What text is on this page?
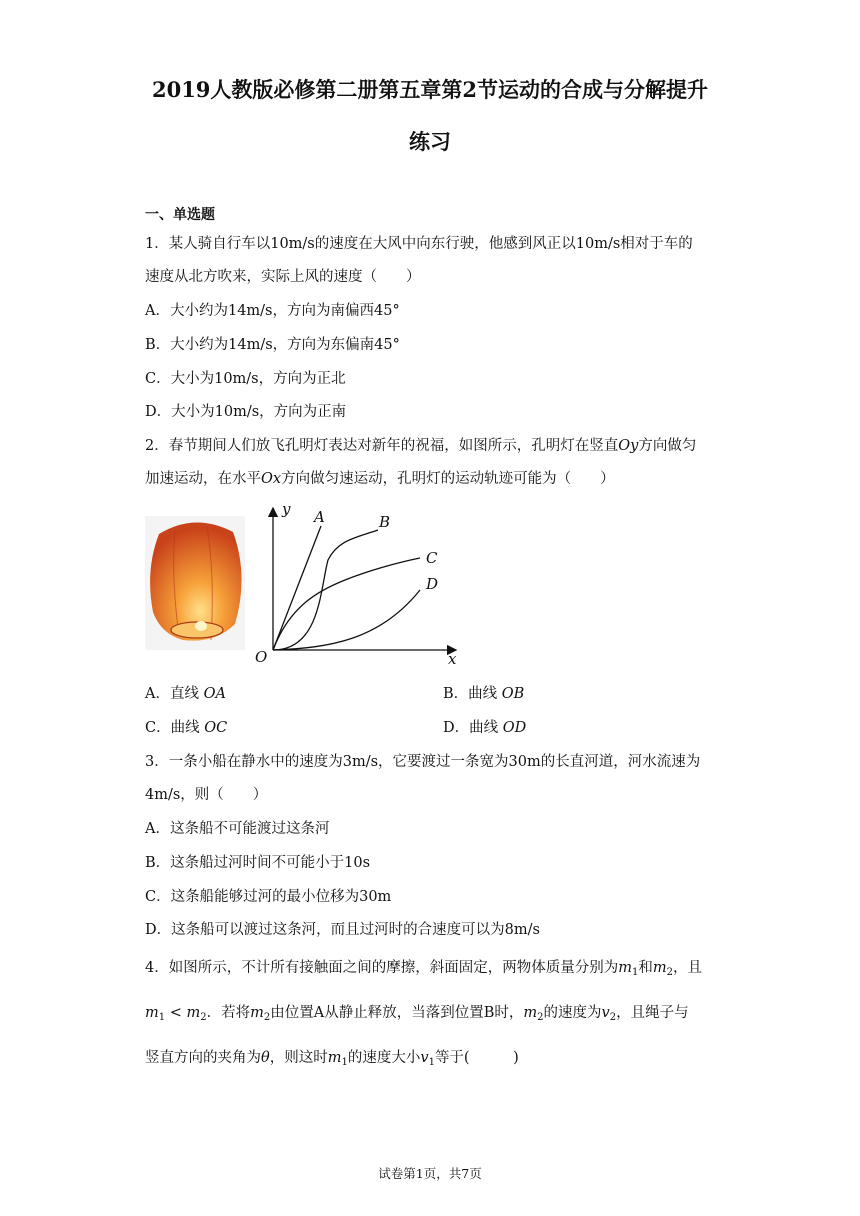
2019人教版必修第二册第五章第2节运动的合成与分解提升
练习
一、单选题
1．某人骑自行车以10m/s的速度在大风中向东行驶，他感到风正以10m/s相对于车的
速度从北方吹来，实际上风的速度（　　）
A．大小约为14m/s，方向为南偏西45°
B．大小约为14m/s，方向为东偏南45°
C．大小为10m/s，方向为正北
D．大小为10m/s，方向为正南
2．春节期间人们放飞孔明灯表达对新年的祝福，如图所示，孔明灯在竖直Oy方向做匀
加速运动，在水平Ox方向做匀速运动，孔明灯的运动轨迹可能为（　　）
y
x
O
A	B
C
D
A．直线 OA	B．曲线 OB
C．曲线 OC	D．曲线 OD
3．一条小船在静水中的速度为3m/s，它要渡过一条宽为30m的长直河道，河水流速为
4m/s，则（　　）
A．这条船不可能渡过这条河
B．这条船过河时间不可能小于10s
C．这条船能够过河的最小位移为30m
D．这条船可以渡过这条河，而且过河时的合速度可以为8m/s
4．如图所示，不计所有接触面之间的摩擦，斜面固定，两物体质量分别为$m_1$和$m_2$，且
$m_1 < m_2$．若将$m_2$由位置A从静止释放，当落到位置B时，$m_2$的速度为$v_2$，且绳子与
竖直方向的夹角为θ，则这时$m_1$的速度大小$v_1$等于(　　　)
试卷第1页，共7页
